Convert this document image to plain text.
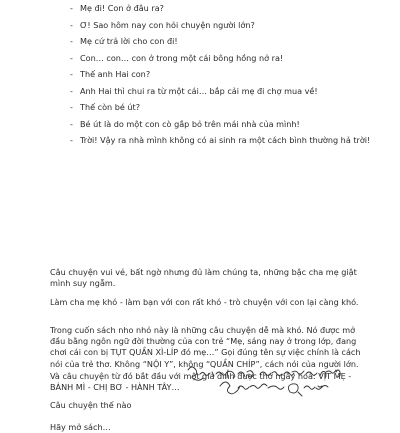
- Mẹ đi! Con ở đâu ra?
- Ơ! Sao hôm nay con hỏi chuyện người lớn?
- Mẹ cứ trả lời cho con đi!
- Con… con… con ở trong một cái bông hồng nở ra!
- Thế anh Hai con?
- Anh Hai thì chui ra từ một cái… bắp cải mẹ đi chợ mua về!
- Thế còn bé út?
- Bé út là do một con cò gắp bỏ trên mái nhà của mình!
- Trời! Vậy ra nhà mình không có ai sinh ra một cách bình thường hả trời!

Câu chuyện vui vẻ, bất ngờ nhưng đủ làm chúng ta, những bậc cha mẹ giật mình suy ngẫm.

Làm cha mẹ khó - làm bạn với con rất khó - trò chuyện với con lại càng khó.

Trong cuốn sách nho nhỏ này là những câu chuyện dễ mà khó. Nó được mở đầu bằng ngôn ngữ đời thường của con trẻ “Mẹ, sáng nay ở trong lớp, đang chơi cái con bị TỤT QUẦN XÌ-LÍP đó mẹ…” Gọi đúng tên sự việc chính là cách nói của trẻ thơ. Không “NỘI Y”, không “QUẦN CHÍP”, cách nói của người lớn.

Và câu chuyện từ đó bắt đầu với một gia đình được thơ ngây hoá: VỊT MẸ - BÁNH MÌ - CHỊ BƠ - HÀNH TÂY…

Câu chuyện thế nào

Hãy mở sách…
